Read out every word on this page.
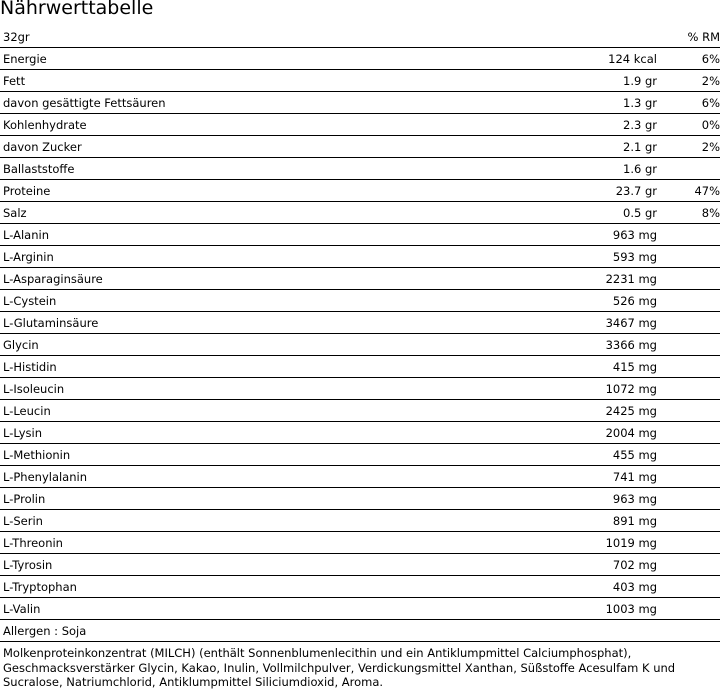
Nährwerttabelle
32gr		% RM
Energie	124 kcal	6%
Fett	1.9 gr	2%
davon gesättigte Fettsäuren	1.3 gr	6%
Kohlenhydrate	2.3 gr	0%
davon Zucker	2.1 gr	2%
Ballaststoffe	1.6 gr	
Proteine	23.7 gr	47%
Salz	0.5 gr	8%
L-Alanin	963 mg	
L-Arginin	593 mg	
L-Asparaginsäure	2231 mg	
L-Cystein	526 mg	
L-Glutaminsäure	3467 mg	
Glycin	3366 mg	
L-Histidin	415 mg	
L-Isoleucin	1072 mg	
L-Leucin	2425 mg	
L-Lysin	2004 mg	
L-Methionin	455 mg	
L-Phenylalanin	741 mg	
L-Prolin	963 mg	
L-Serin	891 mg	
L-Threonin	1019 mg	
L-Tyrosin	702 mg	
L-Tryptophan	403 mg	
L-Valin	1003 mg	
Allergen : Soja		
Molkenproteinkonzentrat (MILCH) (enthält Sonnenblumenlecithin und ein Antiklumpmittel Calciumphosphat), Geschmacksverstärker Glycin, Kakao, Inulin, Vollmilchpulver, Verdickungsmittel Xanthan, Süßstoffe Acesulfam K und Sucralose, Natriumchlorid, Antiklumpmittel Siliciumdioxid, Aroma.
